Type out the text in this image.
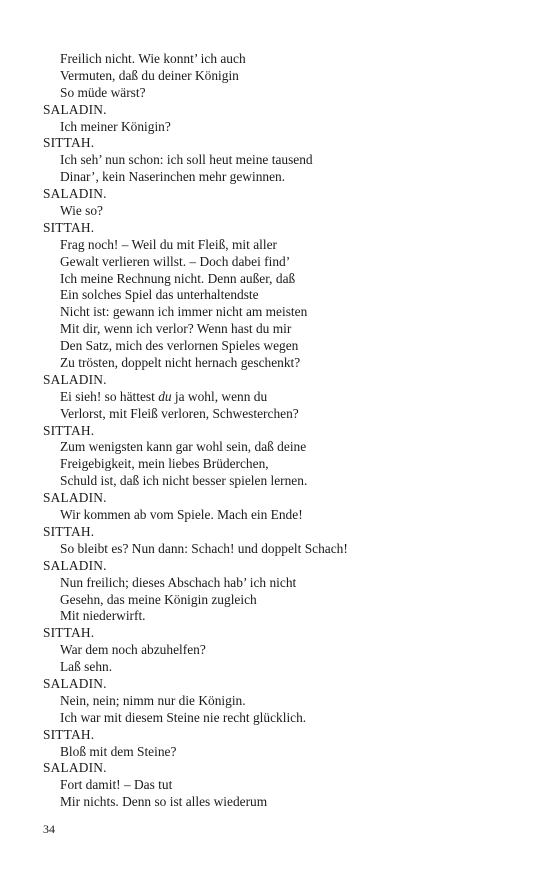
Freilich nicht. Wie konnt’ ich auch
Vermuten, daß du deiner Königin
So müde wärst?
SALADIN.
Ich meiner Königin?
SITTAH.
Ich seh’ nun schon: ich soll heut meine tausend
Dinar’, kein Naserinchen mehr gewinnen.
SALADIN.
Wie so?
SITTAH.
Frag noch! – Weil du mit Fleiß, mit aller
Gewalt verlieren willst. – Doch dabei find’
Ich meine Rechnung nicht. Denn außer, daß
Ein solches Spiel das unterhaltendste
Nicht ist: gewann ich immer nicht am meisten
Mit dir, wenn ich verlor? Wenn hast du mir
Den Satz, mich des verlornen Spieles wegen
Zu trösten, doppelt nicht hernach geschenkt?
SALADIN.
Ei sieh! so hättest du ja wohl, wenn du
Verlorst, mit Fleiß verloren, Schwesterchen?
SITTAH.
Zum wenigsten kann gar wohl sein, daß deine
Freigebigkeit, mein liebes Brüderchen,
Schuld ist, daß ich nicht besser spielen lernen.
SALADIN.
Wir kommen ab vom Spiele. Mach ein Ende!
SITTAH.
So bleibt es? Nun dann: Schach! und doppelt Schach!
SALADIN.
Nun freilich; dieses Abschach hab’ ich nicht
Gesehn, das meine Königin zugleich
Mit niederwirft.
SITTAH.
War dem noch abzuhelfen?
Laß sehn.
SALADIN.
Nein, nein; nimm nur die Königin.
Ich war mit diesem Steine nie recht glücklich.
SITTAH.
Bloß mit dem Steine?
SALADIN.
Fort damit! – Das tut
Mir nichts. Denn so ist alles wiederum
34
